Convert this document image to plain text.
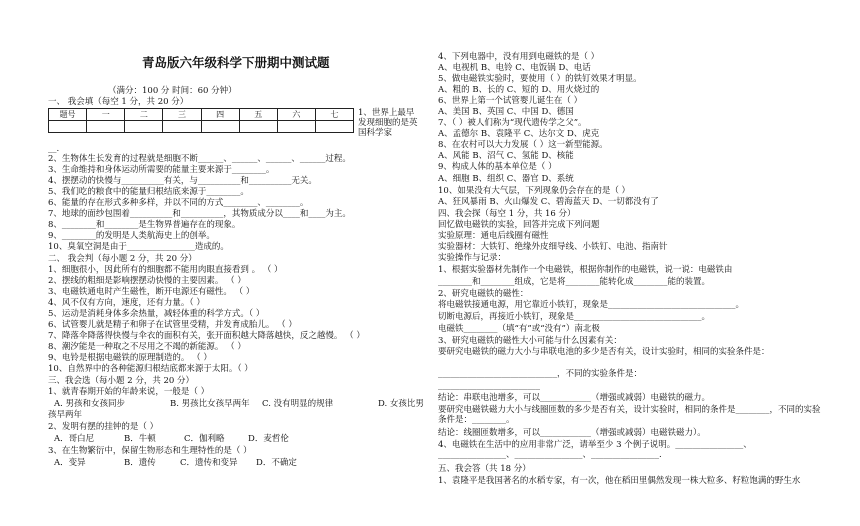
青岛版六年级科学下册期中测试题
（满分：100 分 时间：60 分钟）
一、 我会填（每空 1 分，共 20 分）
题号	一	二	三	四	五	六	七
							1、世界上最早发现细胞的是英国科学家
__.
2、生物体生长发育的过程就是细胞不断______、______、______、______过程。
3、生命维持和身体运动所需要的能量主要来源于________。
4、摆摆动的快慢与__________有关，与__________和__________无关。
5、我们吃的粮食中的能量归根结底来源于________。
6、能量的存在形式多种多样，并以不同的方式________、________。
7、地球的面纱包围着__________和__________，其物质成分以____和____为主。
8、________和________是生物界普遍存在的现象。
9、________的发明是人类航海史上的创举。
10、臭氧空洞是由于________________造成的。
二、 我会判（每小题 2 分，共 20 分）
1、细胞很小，因此所有的细胞都不能用肉眼直接看到 。 （ ）
2、摆线的粗细是影响摆摆动快慢的主要因素。 （ ）
3、电磁铁通电时产生磁性，断开电源还有磁性。 （ ）
4、风不仅有方向，速度，还有力量。（ ）
5、运动是消耗身体多余热量，减轻体重的科学方式。（ ）
6、试管婴儿就是精子和卵子在试管里受精，并发育成胎儿。 （ ）
7、降落伞降落得快慢与伞衣的面积有关，张开面积越大降落越快，反之越慢。 （ ）
8、潮汐能是一种取之不尽用之不竭的新能源。 （ ）
9、电铃是根据电磁铁的原理制造的。 （ ）
10、自然界中的各种能源归根结底都来源于太阳。（ ）
三、我会选（每小题 2 分，共 20 分）
1、就青春期开始的年龄来说，一般是（ ）
A. 男孩和女孩同步	B. 男孩比女孩早两年 C. 没有明显的规律	D. 女孩比男
孩早两年
2、发明有摆的挂钟的是（ ）
A．哥白尼	B．牛顿	C．伽利略	D．麦哲伦
3、在生物繁衍中，保留生物形态和生理特性的是（ ）
A．变异	B．遗传	C．遗传和变异 D．不确定
4、下列电器中，没有用到电磁铁的是（ ）
A、电视机 B、电铃 C、电饭锅 D、电话
5、做电磁铁实验时，要使用（ ）的铁钉效果才明显。
A、粗的 B、长的 C、短的 D、用火烧过的
6、世界上第一个试管婴儿诞生在（ ）
A、美国 B、英国 C、中国 D、德国
7、（ ）被人们称为“现代遗传学之父”。
A、孟德尔 B、袁隆平 C、达尔文 D、虎克
8、在农村可以大力发展（ ）这一新型能源。
A、风能 B、沼气 C、氢能 D、核能
9、构成人体的基本单位是（ ）
A、细胞 B、组织 C、器官 D、系统
10、如果没有大气层，下列现象仍会存在的是（ ）
A、狂风暴雨 B、火山爆发 C、碧海蓝天 D、一切都没有了
四、我会探（每空 1 分，共 16 分）
回忆做电磁铁的实验，回答并完成下列问题
实验原理：通电后线圈有磁性
实验器材：大铁钉、绝缘外皮细导线、小铁钉、电池、指南针
实验操作与记录：
1、根据实验器材先制作一个电磁铁，根据你制作的电磁铁，说一说：电磁铁由
________和________组成，它是将________能转化成________能的装置。
2、研究电磁铁的磁性：
将电磁铁接通电源，用它靠近小铁钉，现象是______________________________。
切断电源后，再接近小铁钉，现象是______________________________。
电磁铁________（填“有”或“没有”）南北极
3、研究电磁铁的磁性大小可能与什么因素有关：
要研究电磁铁的磁力大小与串联电池的多少是否有关，设计实验时，相同的实验条件是：
____________________________，不同的实验条件是：
________________________
结论：串联电池增多，可以____________（增强或减弱）电磁铁的磁力。
要研究电磁铁磁力大小与线圈匝数的多少是否有关，设计实验时，相同的条件是________，不同的实验条件是：________。
结论：线圈匝数增多，可以____________（增强或减弱）电磁铁磁力）。
4、电磁铁在生活中的应用非常广泛，请举至少 3 个例子说明。________________、________________、________________、________________.
五、我会答（共 18 分）
1、袁隆平是我国著名的水稻专家，有一次，他在稻田里偶然发现一株大粒多、籽粒饱满的野生水
